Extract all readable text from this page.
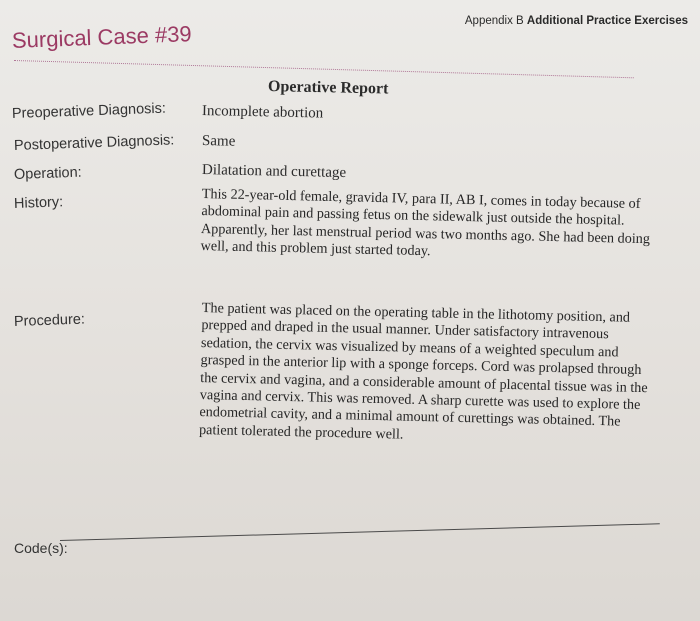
Appendix B Additional Practice Exercises
Surgical Case #39
Operative Report
Preoperative Diagnosis: Incomplete abortion
Postoperative Diagnosis: Same
Operation:	Dilatation and curettage
History:	This 22-year-old female, gravida IV, para II, AB I, comes in today because of abdominal pain and passing fetus on the sidewalk just outside the hospital. Apparently, her last menstrual period was two months ago. She had been doing well, and this problem just started today.
Procedure:	The patient was placed on the operating table in the lithotomy position, and prepped and draped in the usual manner. Under satisfactory intravenous sedation, the cervix was visualized by means of a weighted speculum and grasped in the anterior lip with a sponge forceps. Cord was prolapsed through the cervix and vagina, and a considerable amount of placental tissue was in the vagina and cervix. This was removed. A sharp curette was used to explore the endometrial cavity, and a minimal amount of curettings was obtained. The patient tolerated the procedure well.
Code(s):
